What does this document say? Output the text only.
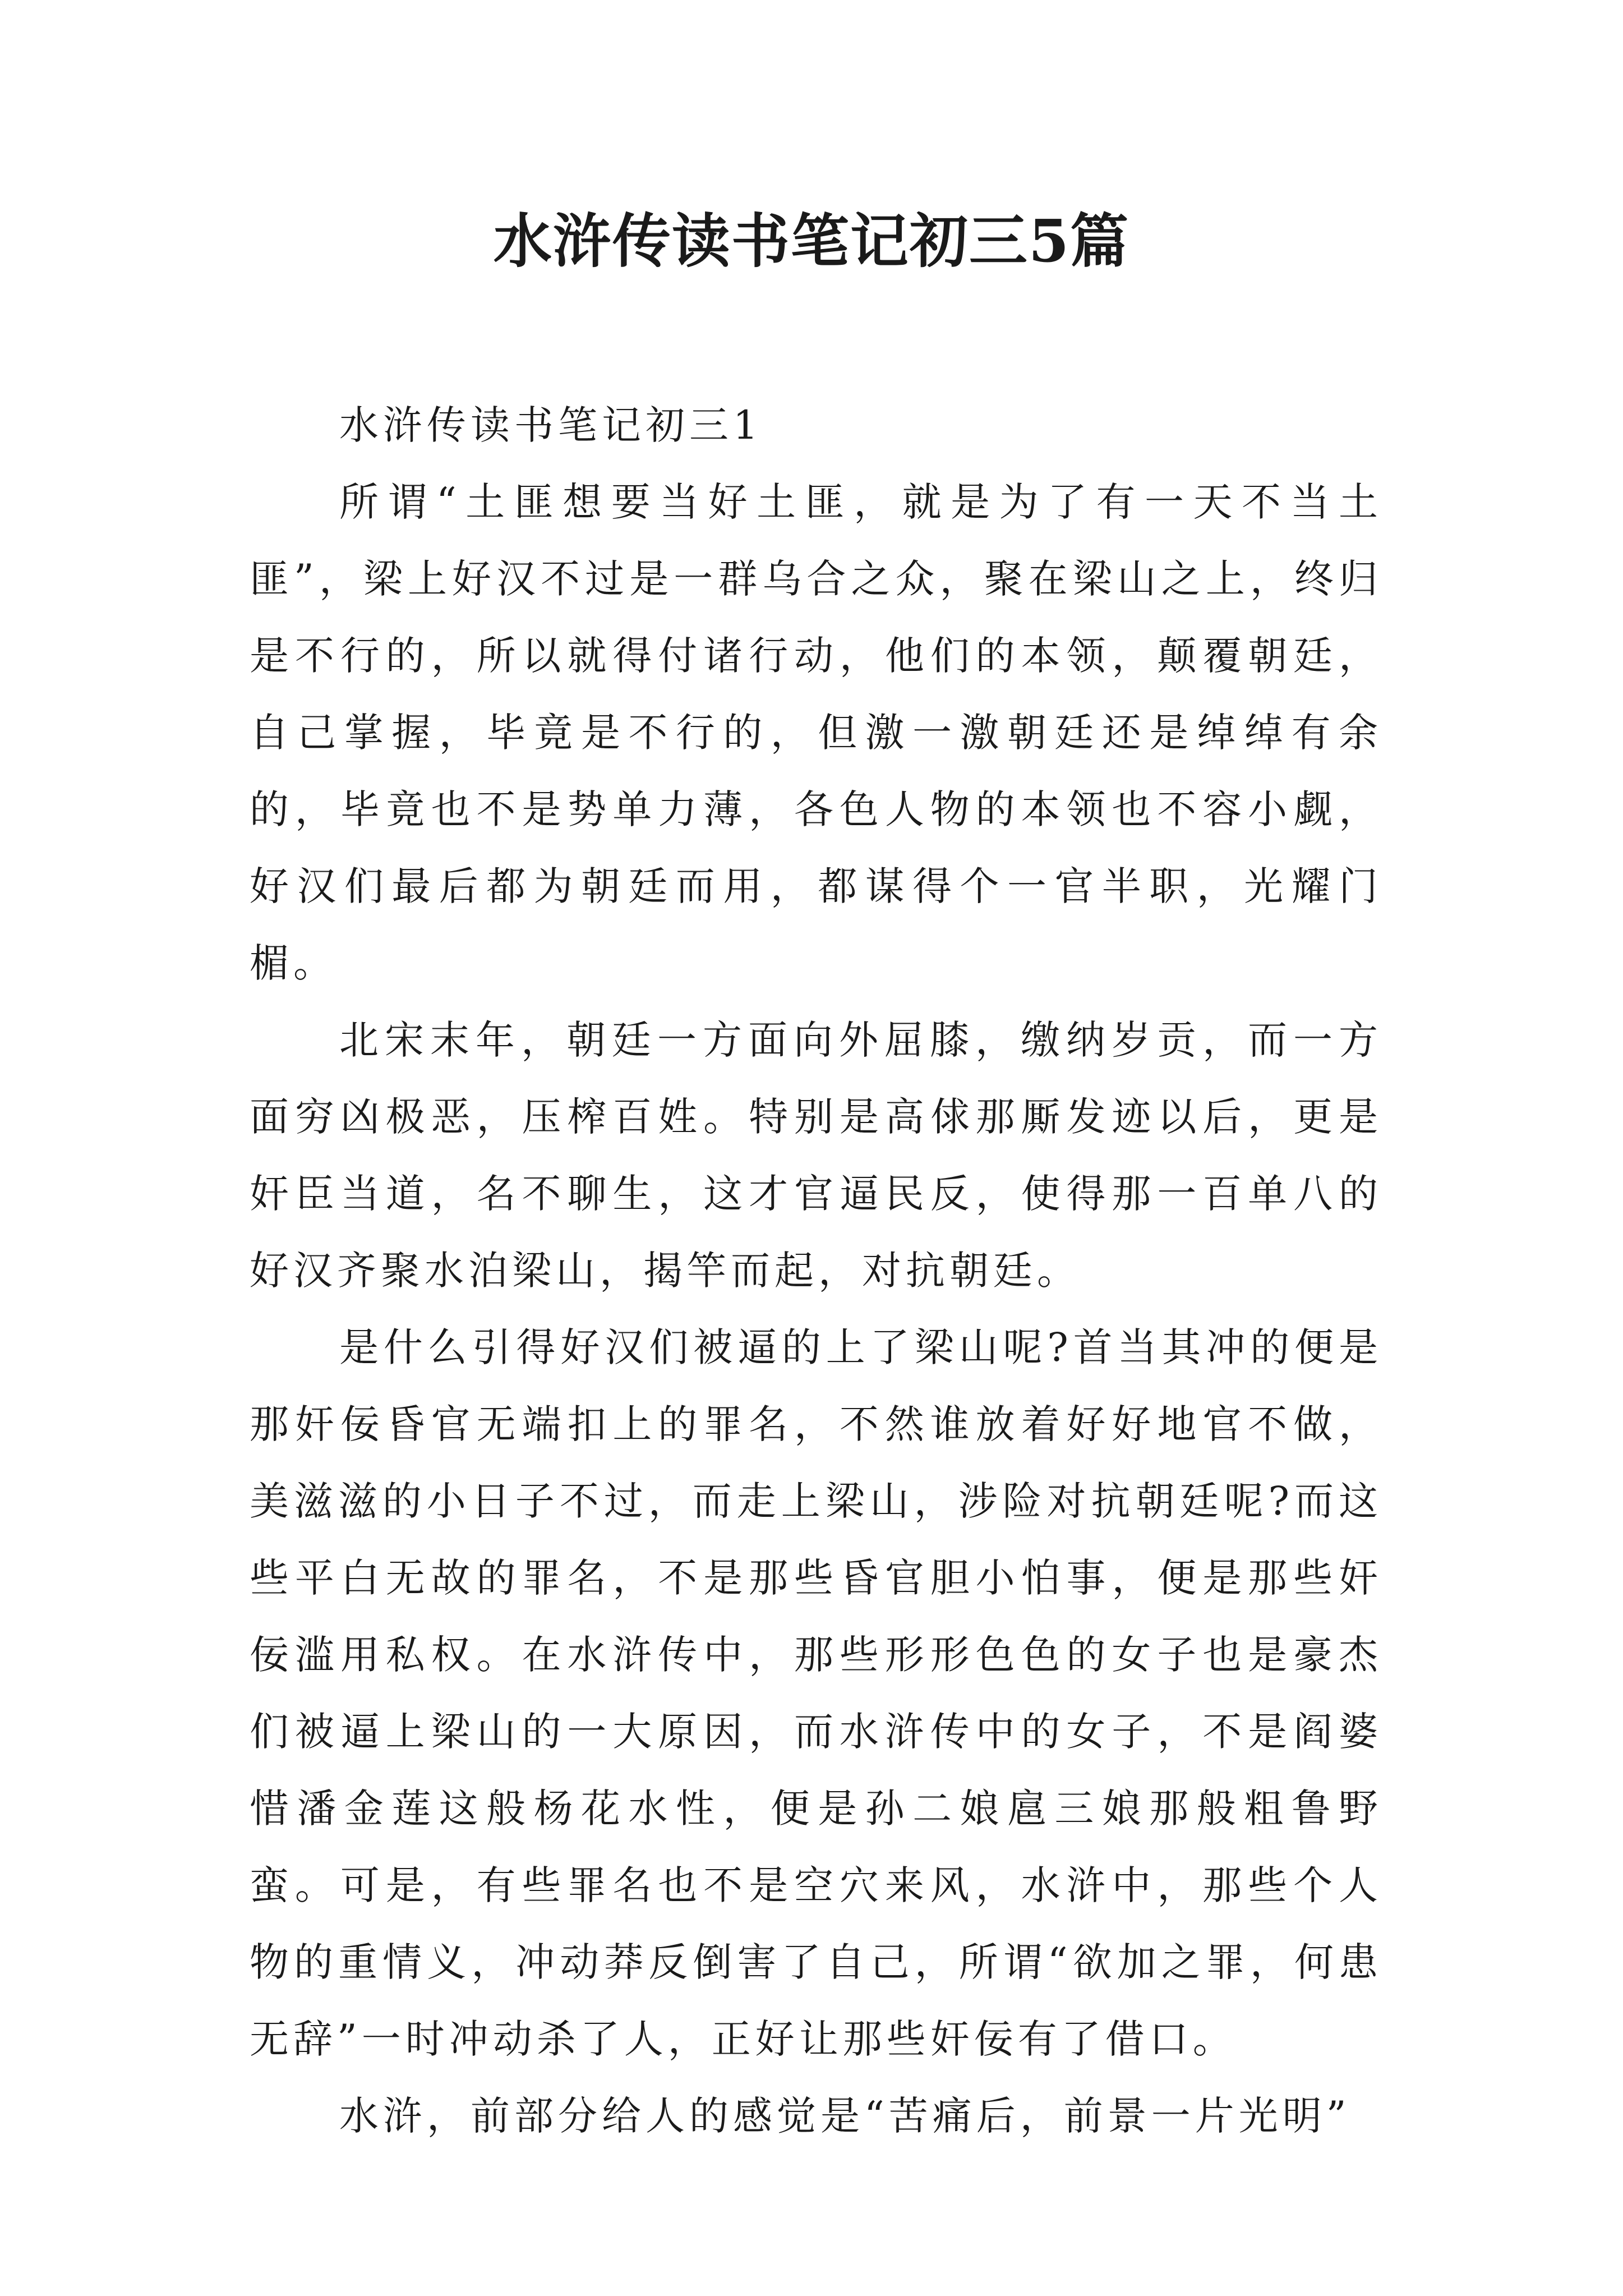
水浒传读书笔记初三5篇
水浒传读书笔记初三1

所谓“土匪想要当好土匪，就是为了有一天不当土匪”，梁上好汉不过是一群乌合之众，聚在梁山之上，终归是不行的，所以就得付诸行动，他们的本领，颠覆朝廷，自己掌握，毕竟是不行的，但激一激朝廷还是绰绰有余的，毕竟也不是势单力薄，各色人物的本领也不容小觑，好汉们最后都为朝廷而用，都谋得个一官半职，光耀门楣。

北宋末年，朝廷一方面向外屈膝，缴纳岁贡，而一方面穷凶极恶，压榨百姓。特别是高俅那厮发迹以后，更是奸臣当道，名不聊生，这才官逼民反，使得那一百单八的好汉齐聚水泊梁山，揭竿而起，对抗朝廷。

是什么引得好汉们被逼的上了梁山呢?首当其冲的便是那奸佞昏官无端扣上的罪名，不然谁放着好好地官不做，美滋滋的小日子不过，而走上梁山，涉险对抗朝廷呢?而这些平白无故的罪名，不是那些昏官胆小怕事，便是那些奸佞滥用私权。在水浒传中，那些形形色色的女子也是豪杰们被逼上梁山的一大原因，而水浒传中的女子，不是阎婆惜潘金莲这般杨花水性，便是孙二娘扈三娘那般粗鲁野蛮。可是，有些罪名也不是空穴来风，水浒中，那些个人物的重情义，冲动莽反倒害了自己，所谓“欲加之罪，何患无辞”一时冲动杀了人，正好让那些奸佞有了借口。

水浒，前部分给人的感觉是“苦痛后，前景一片光明”
